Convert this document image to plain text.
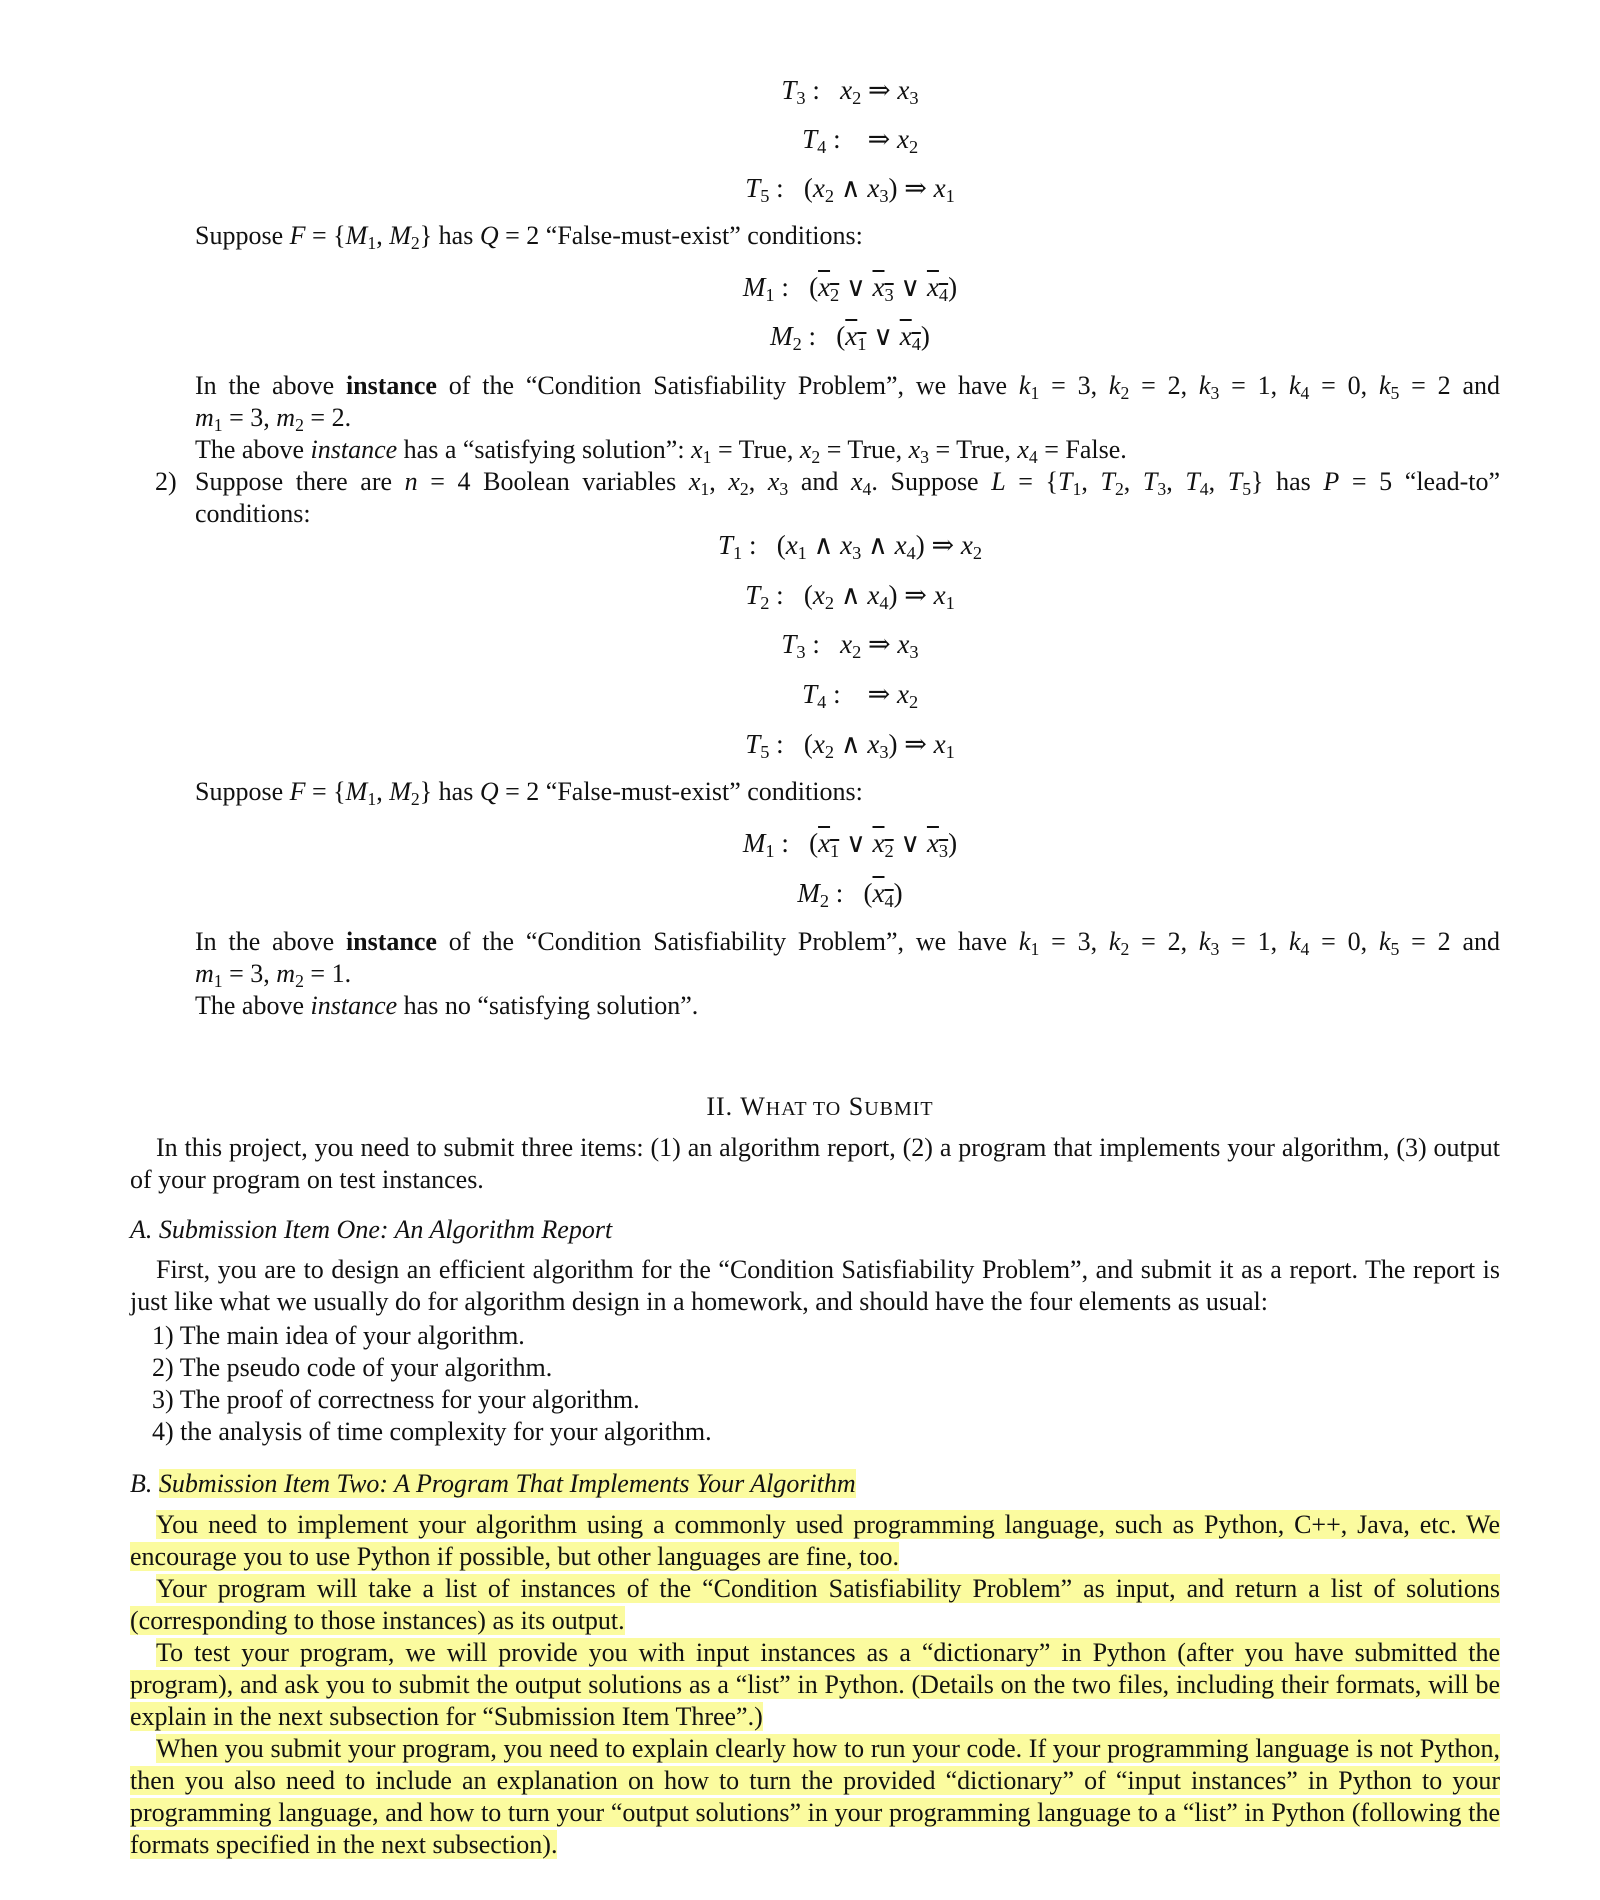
$T_3$ :   $x_2$ ⇒ $x_3$
$T_4$ :    ⇒ $x_2$
$T_5$ :   ($x_2$ ∧ $x_3$) ⇒ $x_1$
Suppose $F = \{M_1$, $M_2$} has Q = 2 “False-must-exist” conditions:
$M_1$ :   ($x_2$ ∨ $x_3$ ∨ $x_4$)
$M_2$ :   ($x_1$ ∨ $x_4$)
In the above instance of the “Condition Satisfiability Problem”, we have $k_1 = 3$, $k_2 = 2$, $k_3 = 1$, $k_4 = 0$, $k_5 = 2$ and
$m_1 = 3$, $m_2 = 2$.
The above instance has a “satisfying solution”: $x_1$ = True, $x_2$ = True, $x_3$ = True, $x_4$ = False.
2) Suppose there are n = 4 Boolean variables $x_1$, $x_2$, $x_3$ and $x_4$. Suppose $L = \{T_1$, $T_2$, $T_3$, $T_4$, $T_5$} has P = 5 “lead-to”
conditions:
$T_1$ :   ($x_1$ ∧ $x_3$ ∧ $x_4$) ⇒ $x_2$
$T_2$ :   ($x_2$ ∧ $x_4$) ⇒ $x_1$
$T_3$ :   $x_2$ ⇒ $x_3$
$T_4$ :    ⇒ $x_2$
$T_5$ :   ($x_2$ ∧ $x_3$) ⇒ $x_1$
Suppose $F = \{M_1$, $M_2$} has Q = 2 “False-must-exist” conditions:
$M_1$ :   ($x_1$ ∨ $x_2$ ∨ $x_3$)
$M_2$ :   $(x_4)$
In the above instance of the “Condition Satisfiability Problem”, we have $k_1 = 3$, $k_2 = 2$, $k_3 = 1$, $k_4 = 0$, $k_5 = 2$ and
$m_1 = 3$, $m_2 = 1$.
The above instance has no “satisfying solution”.
II. WHAT TO SUBMIT
In this project, you need to submit three items: (1) an algorithm report, (2) a program that implements your algorithm, (3) output of your program on test instances.
A. Submission Item One: An Algorithm Report
First, you are to design an efficient algorithm for the “Condition Satisfiability Problem”, and submit it as a report. The report is just like what we usually do for algorithm design in a homework, and should have the four elements as usual:
1) The main idea of your algorithm.
2) The pseudo code of your algorithm.
3) The proof of correctness for your algorithm.
4) the analysis of time complexity for your algorithm.
B. Submission Item Two: A Program That Implements Your Algorithm
You need to implement your algorithm using a commonly used programming language, such as Python, C++, Java, etc. We encourage you to use Python if possible, but other languages are fine, too.
Your program will take a list of instances of the “Condition Satisfiability Problem” as input, and return a list of solutions (corresponding to those instances) as its output.
To test your program, we will provide you with input instances as a “dictionary” in Python (after you have submitted the program), and ask you to submit the output solutions as a “list” in Python. (Details on the two files, including their formats, will be explain in the next subsection for “Submission Item Three”.)
When you submit your program, you need to explain clearly how to run your code. If your programming language is not Python, then you also need to include an explanation on how to turn the provided “dictionary” of “input instances” in Python to your programming language, and how to turn your “output solutions” in your programming language to a “list” in Python (following the formats specified in the next subsection).
